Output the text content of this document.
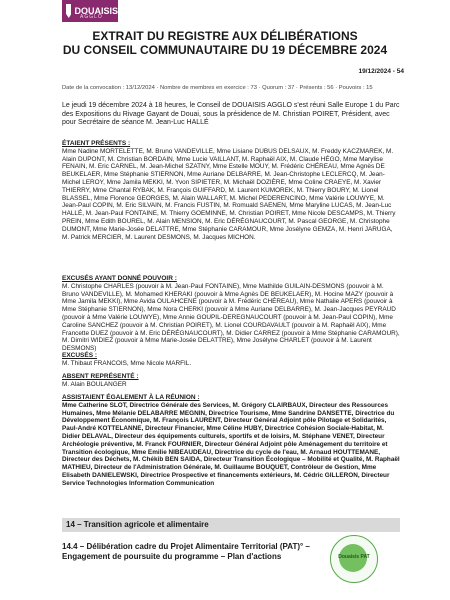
DOUAISIS
AGGLO
EXTRAIT DU REGISTRE AUX DÉLIBÉRATIONS
DU CONSEIL COMMUNAUTAIRE DU 19 DÉCEMBRE 2024
19/12/2024 - 54
Date de la convocation : 13/12/2024 · Nombre de membres en exercice : 73 · Quorum : 37 · Présents : 56 · Pouvoirs : 15
Le jeudi 19 décembre 2024 à 18 heures, le Conseil de DOUAISIS AGGLO s'est réuni Salle Europe 1 du Parc des Expositions du Rivage Gayant de Douai, sous la présidence de M. Christian POIRET, Président, avec pour Secrétaire de séance M. Jean-Luc HALLÉ
ÉTAIENT PRÉSENTS :
Mme Nadine MORTELETTE, M. Bruno VANDEVILLE, Mme Lisiane DUBUS DELSAUX, M. Freddy KACZMAREK, M. Alain DUPONT, M. Christian BORDAIN, Mme Lucie VAILLANT, M. Raphaël AIX, M. Claude HÉGO, Mme Marylise FENAIN, M. Eric CARNEL, M. Jean-Michel SZATNY, Mme Estelle MOUY, M. Frédéric CHÉREAU, Mme Agnès DE BEUKELAER, Mme Stéphanie STIERNON, Mme Auriane DELBARRE, M. Jean-Christophe LECLERCQ, M. Jean-Michel LEROY, Mme Jamila MEKKI, M. Yvon SIPIETER, M. Michaël DOZIÈRE, Mme Coline CRAEYE, M. Xavier THIERRY, Mme Chantal RYBAK, M. François GUIFFARD, M. Laurent KUMOREK, M. Thierry BOURY, M. Lionel BLASSEL, Mme Florence GEORGES, M. Alain WALLART, M. Michel PEDERENCINO, Mme Valérie LOUWYE, M. Jean-Paul COPIN, M. Eric SILVAIN, M. Francis FUSTIN, M. Romuald SAENEN, Mme Maryline LUCAS, M. Jean-Luc HALLÉ, M. Jean-Paul FONTAINE, M. Thierry GOEMINNE, M. Christian POIRET, Mme Nicole DESCAMPS, M. Thierry PREIN, Mme Edith BOUREL, M. Alain MENSION, M. Eric DÉRÉGNAUCOURT, M. Pascal GEORGE, M. Christophe DUMONT, Mme Marie-Josée DELATTRE, Mme Stéphanie CARAMOUR, Mme Josélyne GEMZA, M. Henri JARUGA, M. Patrick MERCIER, M. Laurent DESMONS, M. Jacques MICHON.
EXCUSÉS AYANT DONNÉ POUVOIR :
M. Christophe CHARLES (pouvoir à M. Jean-Paul FONTAINE), Mme Mathilde GUILAIN-DESMONS (pouvoir à M. Bruno VANDEVILLE), M. Mohamed KHERAKI (pouvoir à Mme Agnès DE BEUKELAER), M. Hocine MAZY (pouvoir à Mme Jamila MEKKI), Mme Avida OULAHCENE (pouvoir à M. Frédéric CHÉREAU), Mme Nathalie APERS (pouvoir à Mme Stéphanie STIERNON), Mme Nora CHERKI (pouvoir à Mme Auriane DELBARRE), M. Jean-Jacques PEYRAUD (pouvoir à Mme Valérie LOUWYE), Mme Annie GOUPIL-DEREGNAUCOURT (pouvoir à M. Jean-Paul COPIN), Mme Caroline SANCHEZ (pouvoir à M. Christian POIRET), M. Lionel COURDAVAULT (pouvoir à M. Raphaël AIX), Mme Francette DUEZ (pouvoir à M. Eric DÉRÉGNAUCOURT), M. Didier CARREZ (pouvoir à Mme Stéphanie CARAMOUR), M. Dimitri WIDIEZ (pouvoir à Mme Marie-Josée DELATTRE), Mme Josélyne CHARLET (pouvoir à M. Laurent DESMONS)
EXCUSÉS :
M. Thibaut FRANCOIS, Mme Nicole MARFIL.
ABSENT REPRÉSENTÉ :
M. Alain BOULANGER
ASSISTAIENT ÉGALEMENT À LA RÉUNION :
Mme Catherine SLOT, Directrice Générale des Services, M. Grégory CLAIRBAUX, Directeur des Ressources Humaines, Mme Mélanie DELABARRE MEGNIN, Directrice Tourisme, Mme Sandrine DANSETTE, Directrice du Développement Économique, M. François LAURENT, Directeur Général Adjoint pôle Pilotage et Solidarités, Paul-André KOTTELANNE, Directeur Financier, Mme Céline HUBY, Directrice Cohésion Sociale-Habitat, M. Didier DELAVAL, Directeur des équipements culturels, sportifs et de loisirs, M. Stéphane VENET, Directeur Archéologie préventive, M. Franck FOURNIER, Directeur Général Adjoint pôle Aménagement du territoire et Transition écologique, Mme Emilie NIBEAUDEAU, Directrice du cycle de l'eau, M. Arnaud HOUTTEMANE, Directeur des Déchets, M. Chékib BEN SAIDA, Directeur Transition Écologique – Mobilité et Qualité, M. Raphaël MATHIEU, Directeur de l'Administration Générale, M. Guillaume BOUQUET, Contrôleur de Gestion, Mme Elisabeth DANIELEWSKI, Directrice Prospective et financements extérieurs, M. Cédric GILLERON, Directeur Service Technologies Information Communication
14 – Transition agricole et alimentaire
14.4 – Délibération cadre du Projet Alimentaire Territorial (PAT)° – Engagement de poursuite du programme – Plan d'actions	Douaisis PAT
